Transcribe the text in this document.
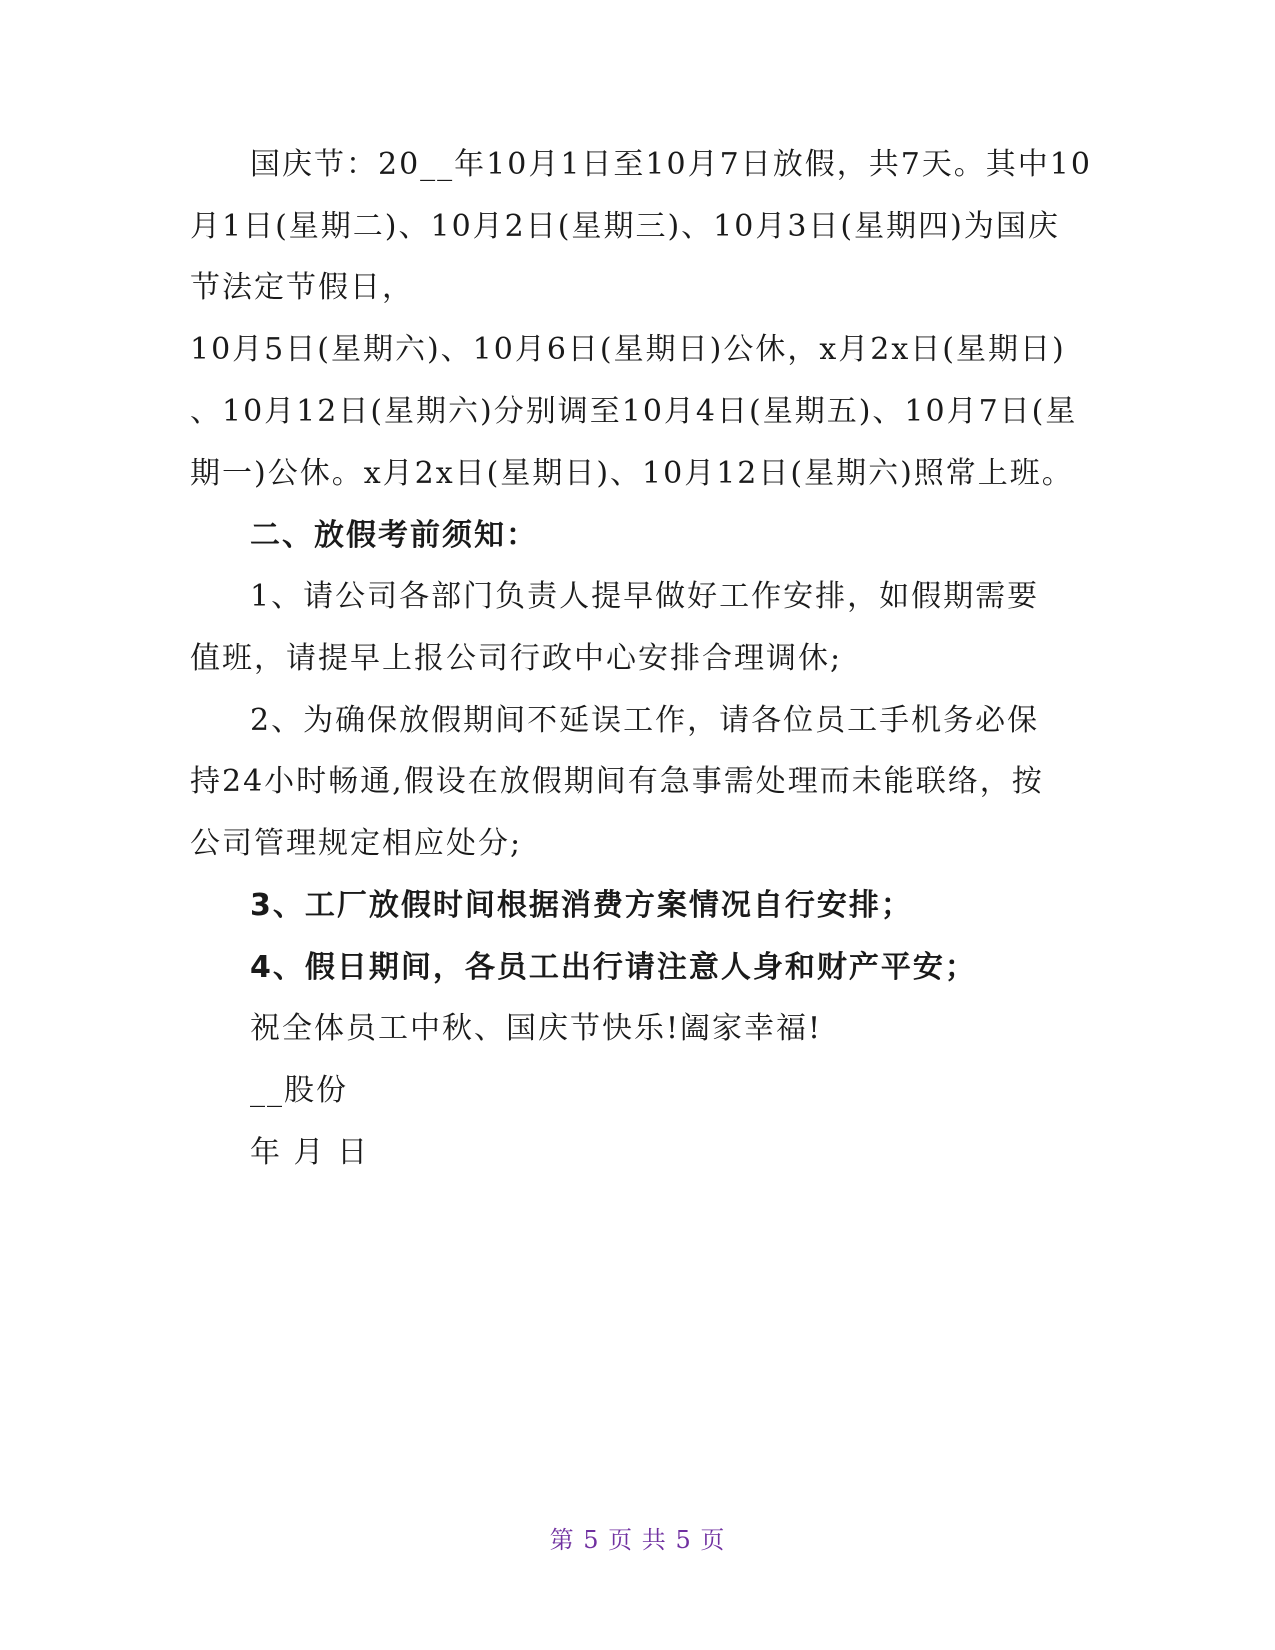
国庆节：20__年10月1日至10月7日放假，共7天。其中10
月1日(星期二)、10月2日(星期三)、10月3日(星期四)为国庆
节法定节假日，
10月5日(星期六)、10月6日(星期日)公休，x月2x日(星期日)
、10月12日(星期六)分别调至10月4日(星期五)、10月7日(星
期一)公休。x月2x日(星期日)、10月12日(星期六)照常上班。
二、放假考前须知：
1、请公司各部门负责人提早做好工作安排，如假期需要
值班，请提早上报公司行政中心安排合理调休;
2、为确保放假期间不延误工作，请各位员工手机务必保
持24小时畅通,假设在放假期间有急事需处理而未能联络，按
公司管理规定相应处分;
3、工厂放假时间根据消费方案情况自行安排；
4、假日期间，各员工出行请注意人身和财产平安；
祝全体员工中秋、国庆节快乐!阖家幸福!
__股份
年 月 日
第 5 页 共 5 页
